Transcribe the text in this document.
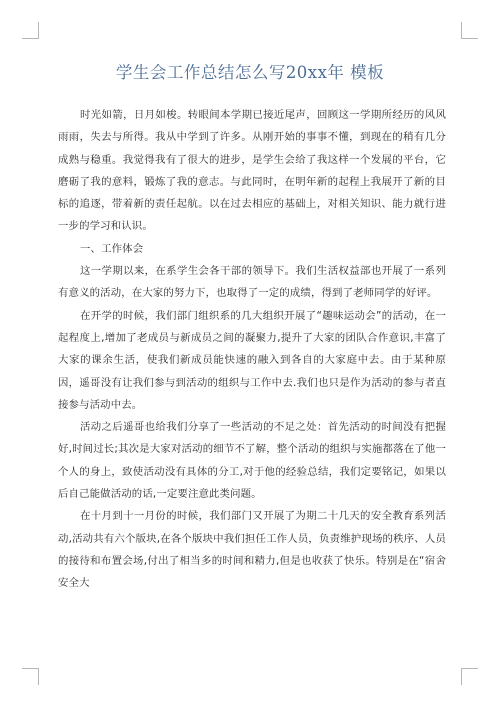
学生会工作总结怎么写20xx年 模板

时光如箭，日月如梭。转眼间本学期已接近尾声，回顾这一学期所经历的风风雨雨，失去与所得。我从中学到了许多。从刚开始的事事不懂，到现在的稍有几分成熟与稳重。我觉得我有了很大的进步，是学生会给了我这样一个发展的平台，它磨砺了我的意料，锻炼了我的意志。与此同时，在明年新的起程上我展开了新的目标的追逐，带着新的责任起航。以在过去相应的基础上，对相关知识、能力就行进一步的学习和认识。

一、工作体会

这一学期以来，在系学生会各干部的领导下。我们生活权益部也开展了一系列有意义的活动，在大家的努力下，也取得了一定的成绩，得到了老师同学的好评。

在开学的时候，我们部门组织系的几大组织开展了“趣味运动会”的活动，在一起程度上,增加了老成员与新成员之间的凝聚力,提升了大家的团队合作意识,丰富了大家的课余生活，使我们新成员能快速的融入到各自的大家庭中去。由于某种原因，遥哥没有让我们参与到活动的组织与工作中去.我们也只是作为活动的参与者直接参与活动中去。

活动之后遥哥也给我们分享了一些活动的不足之处：首先活动的时间没有把握好,时间过长;其次是大家对活动的细节不了解，整个活动的组织与实施都落在了他一个人的身上，致使活动没有具体的分工,对于他的经验总结，我们定要铭记，如果以后自己能做活动的话,一定要注意此类问题。

在十月到十一月份的时候，我们部门又开展了为期二十几天的安全教育系列活动,活动共有六个版块,在各个版块中我们担任工作人员，负责维护现场的秩序、人员的接待和布置会场,付出了相当多的时间和精力,但是也收获了快乐。特别是在“宿舍安全大
